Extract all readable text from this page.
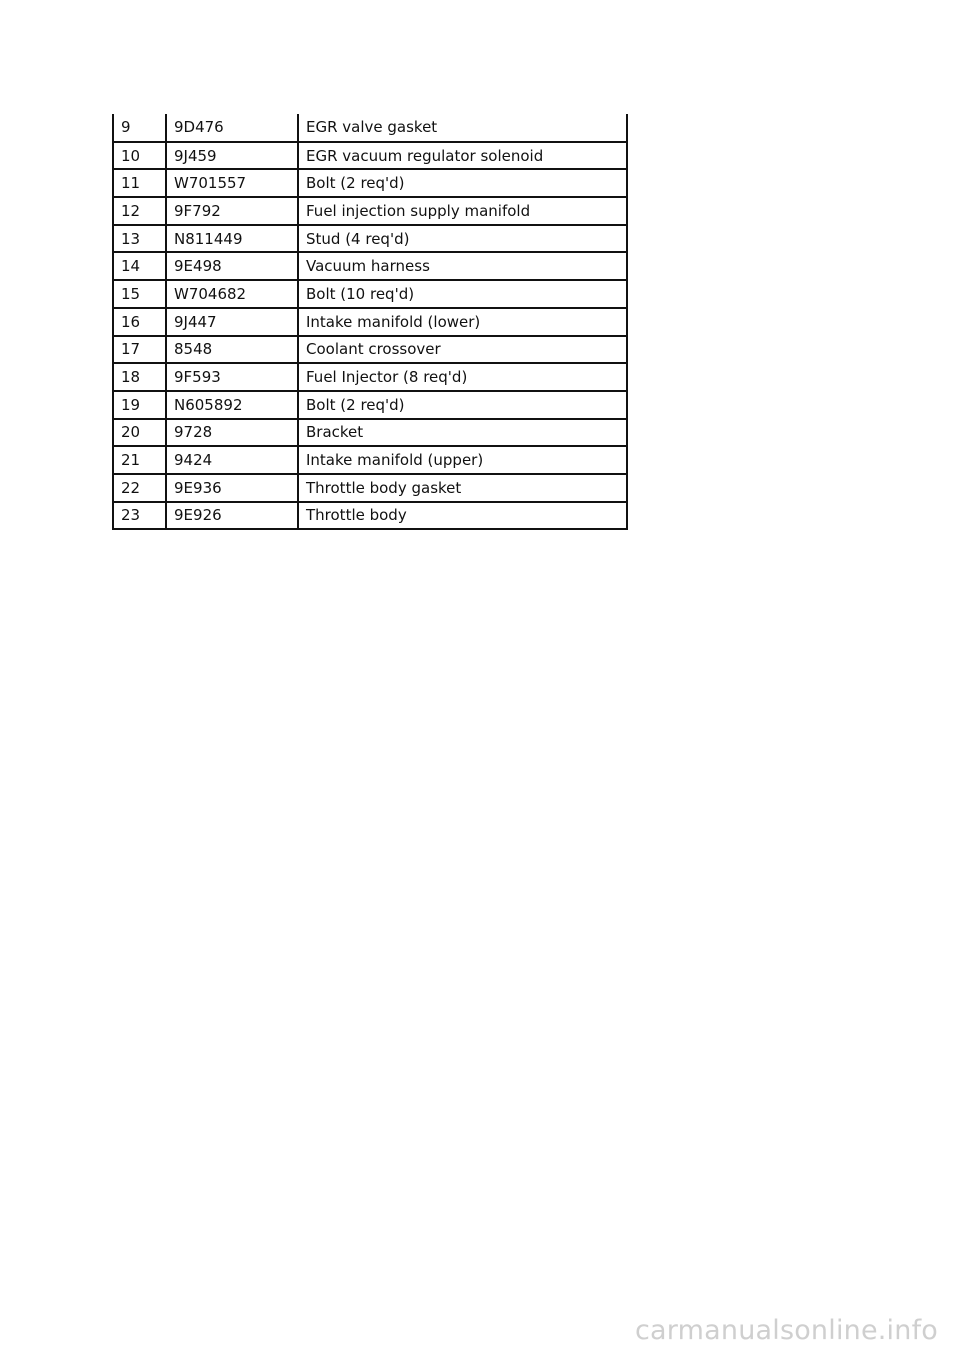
9	9D476	EGR valve gasket
10	9J459	EGR vacuum regulator solenoid
11	W701557	Bolt (2 req'd)
12	9F792	Fuel injection supply manifold
13	N811449	Stud (4 req'd)
14	9E498	Vacuum harness
15	W704682	Bolt (10 req'd)
16	9J447	Intake manifold (lower)
17	8548	Coolant crossover
18	9F593	Fuel Injector (8 req'd)
19	N605892	Bolt (2 req'd)
20	9728	Bracket
21	9424	Intake manifold (upper)
22	9E936	Throttle body gasket
23	9E926	Throttle body
carmanualsonline.info
